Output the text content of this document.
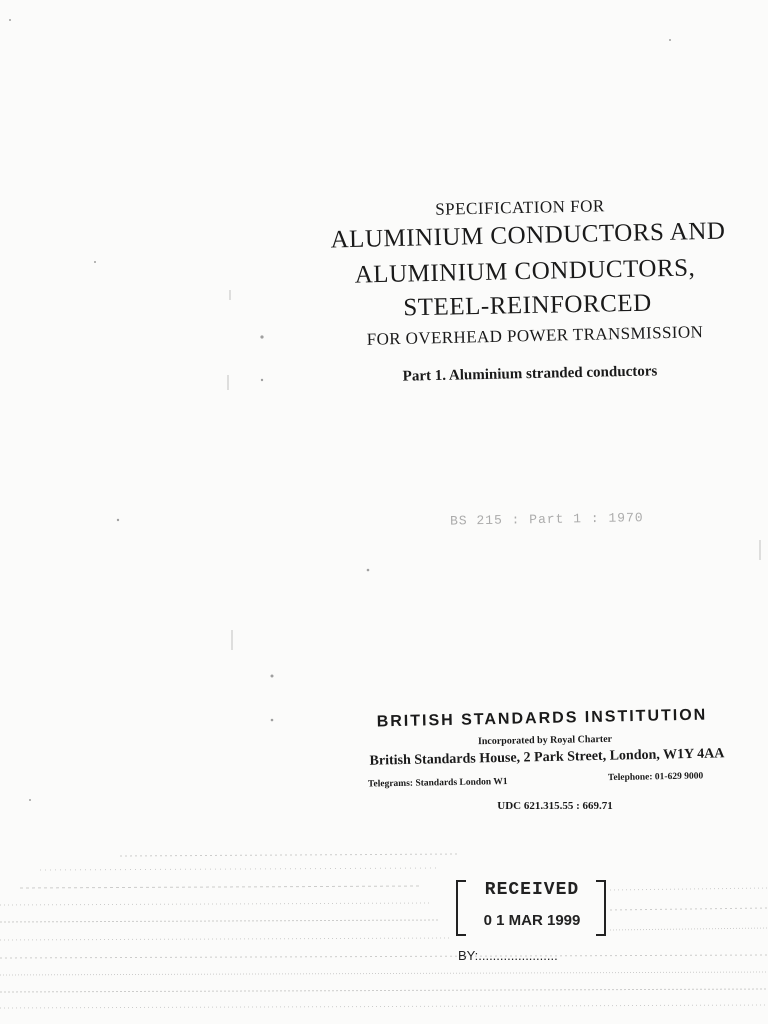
SPECIFICATION FOR
ALUMINIUM CONDUCTORS AND
ALUMINIUM CONDUCTORS,
STEEL-REINFORCED
FOR OVERHEAD POWER TRANSMISSION
Part 1. Aluminium stranded conductors
BS 215 : Part 1 : 1970
BRITISH STANDARDS INSTITUTION
Incorporated by Royal Charter
British Standards House, 2 Park Street, London, W1Y 4AA
Telegrams: Standards London W1	Telephone: 01-629 9000
UDC 621.315.55 : 669.71
RECEIVED
0 1 MAR 1999
BY:......................
